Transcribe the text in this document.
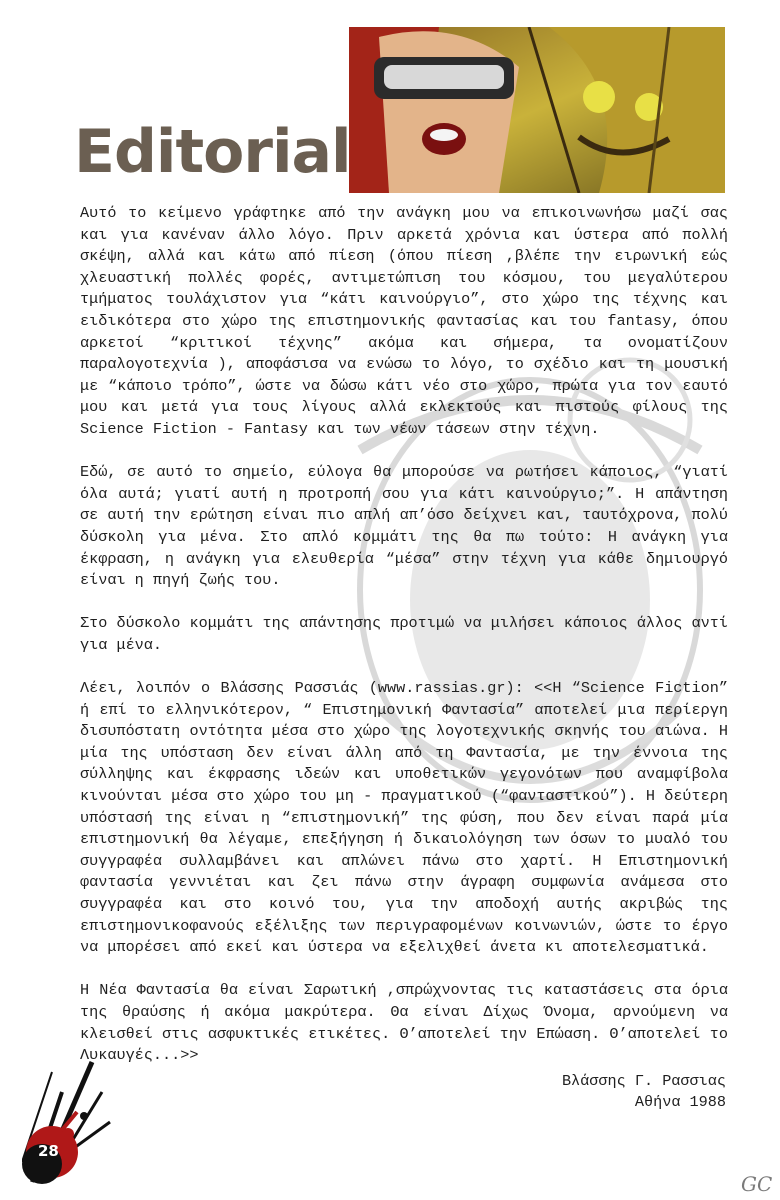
Editorial

Αυτό το κείμενο γράφτηκε από την ανάγκη μου να επικοινωνήσω μαζί σας και για κανέναν άλλο λόγο. Πριν αρκετά χρόνια και ύστερα από πολλή σκέψη, αλλά και κάτω από πίεση (όπου πίεση ,βλέπε την ειρωνική εώς χλευαστική πολλές φορές, αντιμετώπιση του κόσμου, του μεγαλύτερου τμήματος τουλάχιστον για “κάτι καινούργιο”, στο χώρο της τέχνης και ειδικότερα στο χώρο της επιστημονικής φαντασίας και του fantasy, όπου αρκετοί “κριτικοί τέχνης” ακόμα και σήμερα, τα ονοματίζουν παραλογοτεχνία ), αποφάσισα να ενώσω το λόγο, το σχέδιο και τη μουσική με “κάποιο τρόπο”, ώστε να δώσω κάτι νέο στο χώρο, πρώτα για τον εαυτό μου και μετά για τους λίγους αλλά εκλεκτούς και πιστούς φίλους της Science Fiction - Fantasy και των νέων τάσεων στην τέχνη.

Εδώ, σε αυτό το σημείο, εύλογα θα μπορούσε να ρωτήσει κάποιος, “γιατί όλα αυτά; γιατί αυτή η προτροπή σου για κάτι καινούργιο;”. Η απάντηση σε αυτή την ερώτηση είναι πιο απλή απ’όσο δείχνει και, ταυτόχρονα, πολύ δύσκολη για μένα. Στο απλό κομμάτι της θα πω τούτο: Η ανάγκη για έκφραση, η ανάγκη για ελευθερία “μέσα” στην τέχνη για κάθε δημιουργό είναι η πηγή ζωής του.

Στο δύσκολο κομμάτι της απάντησης προτιμώ να μιλήσει κάποιος άλλος αντί για μένα.

Λέει, λοιπόν ο Βλάσσης Ρασσιάς (www.rassias.gr): <<Η “Science Fiction” ή επί το ελληνικότερον, “ Επιστημονική Φαντασία” αποτελεί μια περίεργη δισυπόστατη οντότητα μέσα στο χώρο της λογοτεχνικής σκηνής του αιώνα. Η μία της υπόσταση δεν είναι άλλη από τη Φαντασία, με την έννοια της σύλληψης και έκφρασης ιδεών και υποθετικών γεγονότων που αναμφίβολα κινούνται μέσα στο χώρο του μη - πραγματικού (“φανταστικού”). Η δεύτερη υπόστασή της είναι η “επιστημονική” της φύση, που δεν είναι παρά μία επιστημονική θα λέγαμε, επεξήγηση ή δικαιολόγηση των όσων το μυαλό του συγγραφέα συλλαμβάνει και απλώνει πάνω στο χαρτί. Η Επιστημονική φαντασία γεννιέται και ζει πάνω στην άγραφη συμφωνία ανάμεσα στο συγγραφέα και στο κοινό του, για την αποδοχή αυτής ακριβώς της επιστημονικοφανούς εξέλιξης των περιγραφομένων κοινωνιών, ώστε το έργο να μπορέσει από εκεί και ύστερα να εξελιχθεί άνετα κι αποτελεσματικά.

Η Νέα Φαντασία θα είναι Σαρωτική ,σπρώχνοντας τις καταστάσεις στα όρια της θραύσης ή ακόμα μακρύτερα. Θα είναι Δίχως Όνομα, αρνούμενη να κλεισθεί στις ασφυκτικές ετικέτες. Θ’αποτελεί την Επώαση. Θ’αποτελεί το Λυκαυγές...>>

Βλάσσης Γ. Ρασσιας
Αθήνα 1988
28
GC
